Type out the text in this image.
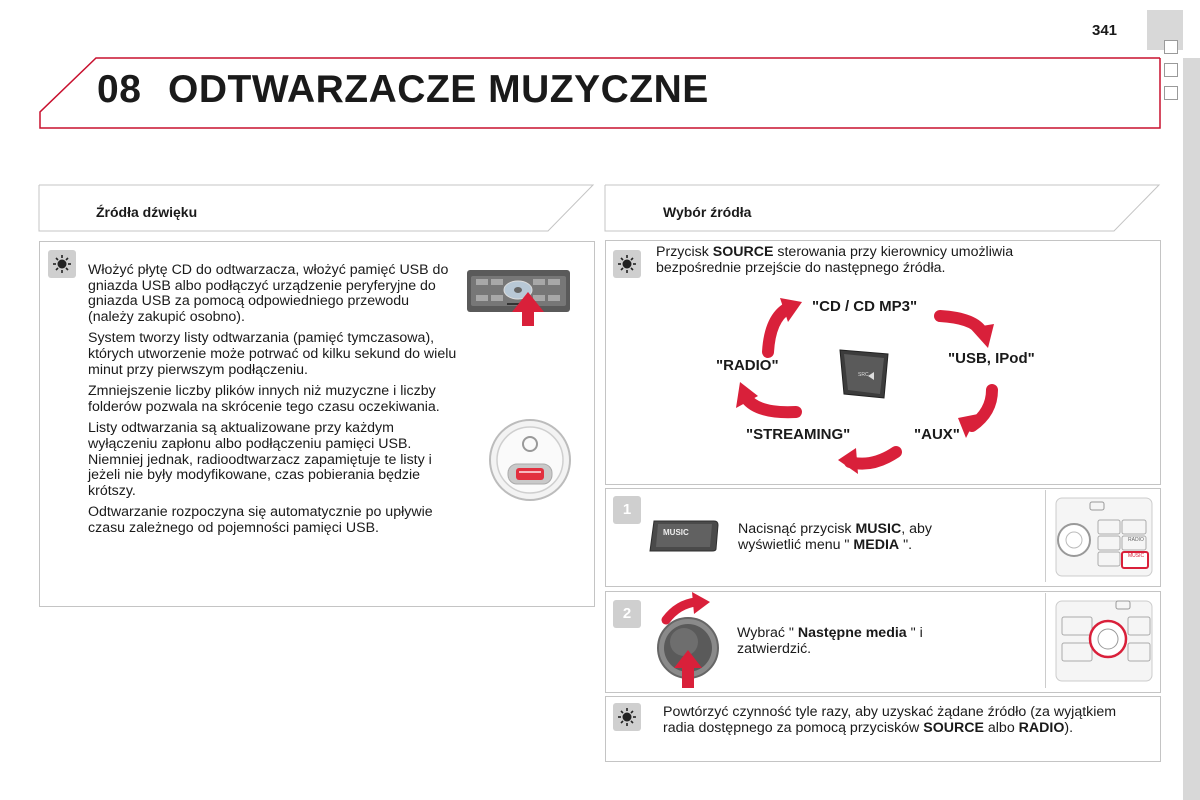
341
08 ODTWARZACZE MUZYCZNE
Źródła dźwięku

Włożyć płytę CD do odtwarzacza, włożyć pamięć USB do gniazda USB albo podłączyć urządzenie peryferyjne do gniazda USB za pomocą odpowiedniego przewodu (należy zakupić osobno).

System tworzy listy odtwarzania (pamięć tymczasowa), których utworzenie może potrwać od kilku sekund do wielu minut przy pierwszym podłączeniu.

Zmniejszenie liczby plików innych niż muzyczne i liczby folderów pozwala na skrócenie tego czasu oczekiwania.

Listy odtwarzania są aktualizowane przy każdym wyłączeniu zapłonu albo podłączeniu pamięci USB. Niemniej jednak, radioodtwarzacz zapamiętuje te listy i jeżeli nie były modyfikowane, czas pobierania będzie krótszy.

Odtwarzanie rozpoczyna się automatycznie po upływie czasu zależnego od pojemności pamięci USB.

Wybór źródła
Przycisk SOURCE sterowania przy kierownicy umożliwia bezpośrednie przejście do następnego źródła.
"CD / CD MP3"
"USB, IPod"
"AUX"
"STREAMING"
"RADIO"
SRC
1
MUSIC	Nacisnąć przycisk MUSIC, aby wyświetlić menu " MEDIA ".	RADIO
MUSIC
2
Wybrać " Następne media " i zatwierdzić.
Powtórzyć czynność tyle razy, aby uzyskać żądane źródło (za wyjątkiem radia dostępnego za pomocą przycisków SOURCE albo RADIO).
